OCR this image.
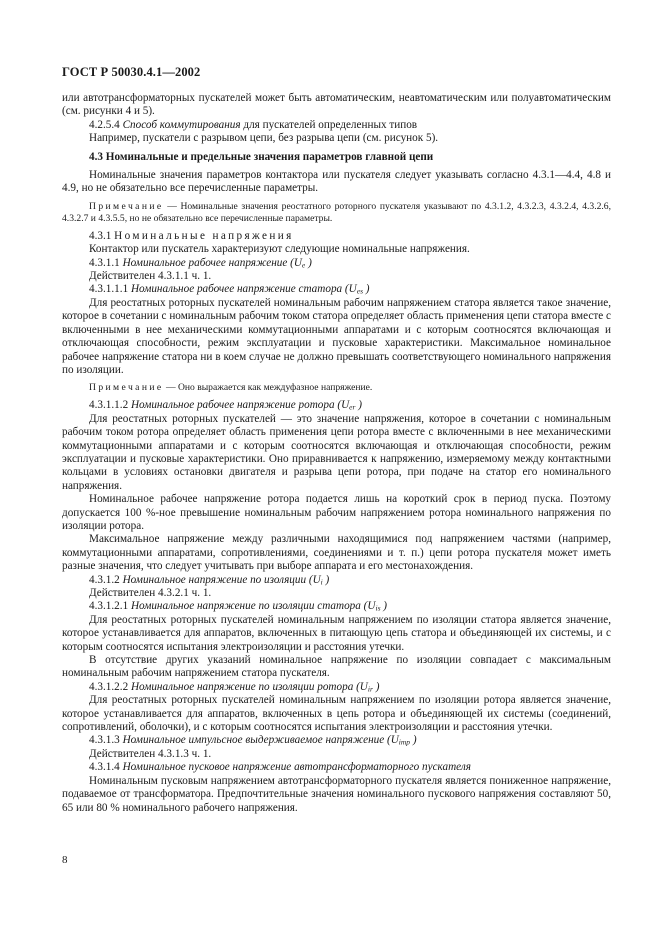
ГОСТ Р 50030.4.1—2002

или автотрансформаторных пускателей может быть автоматическим, неавтоматическим или полуавтоматическим (см. рисунки 4 и 5).

4.2.5.4 Способ коммутирования для пускателей определенных типов

Например, пускатели с разрывом цепи, без разрыва цепи (см. рисунок 5).

4.3 Номинальные и предельные значения параметров главной цепи

Номинальные значения параметров контактора или пускателя следует указывать согласно 4.3.1—4.4, 4.8 и 4.9, но не обязательно все перечисленные параметры.

Примечание — Номинальные значения реостатного роторного пускателя указывают по 4.3.1.2, 4.3.2.3, 4.3.2.4, 4.3.2.6, 4.3.2.7 и 4.3.5.5, но не обязательно все перечисленные параметры.

4.3.1 Номинальные напряжения

Контактор или пускатель характеризуют следующие номинальные напряжения.

4.3.1.1 Номинальное рабочее напряжение ($U_e$ )

Действителен 4.3.1.1 ч. 1.

4.3.1.1.1 Номинальное рабочее напряжение статора ($U_{es}$ )

Для реостатных роторных пускателей номинальным рабочим напряжением статора является такое значение, которое в сочетании с номинальным рабочим током статора определяет область применения цепи статора вместе с включенными в нее механическими коммутационными аппаратами и с которым соотносятся включающая и отключающая способности, режим эксплуатации и пусковые характеристики. Максимальное номинальное рабочее напряжение статора ни в коем случае не должно превышать соответствующего номинального напряжения по изоляции.

Примечание — Оно выражается как междуфазное напряжение.

4.3.1.1.2 Номинальное рабочее напряжение ротора ($U_{er}$ )

Для реостатных роторных пускателей — это значение напряжения, которое в сочетании с номинальным рабочим током ротора определяет область применения цепи ротора вместе с включенными в нее механическими коммутационными аппаратами и с которым соотносятся включающая и отключающая способности, режим эксплуатации и пусковые характеристики. Оно приравнивается к напряжению, измеряемому между контактными кольцами в условиях остановки двигателя и разрыва цепи ротора, при подаче на статор его номинального напряжения.

Номинальное рабочее напряжение ротора подается лишь на короткий срок в период пуска. Поэтому допускается 100 %-ное превышение номинальным рабочим напряжением ротора номинального напряжения по изоляции ротора.

Максимальное напряжение между различными находящимися под напряжением частями (например, коммутационными аппаратами, сопротивлениями, соединениями и т. п.) цепи ротора пускателя может иметь разные значения, что следует учитывать при выборе аппарата и его местонахождения.

4.3.1.2 Номинальное напряжение по изоляции ($U_i$ )

Действителен 4.3.2.1 ч. 1.

4.3.1.2.1 Номинальное напряжение по изоляции статора ($U_{is}$ )

Для реостатных роторных пускателей номинальным напряжением по изоляции статора является значение, которое устанавливается для аппаратов, включенных в питающую цепь статора и объединяющей их системы, и с которым соотносятся испытания электроизоляции и расстояния утечки.

В отсутствие других указаний номинальное напряжение по изоляции совпадает с максимальным номинальным рабочим напряжением статора пускателя.

4.3.1.2.2 Номинальное напряжение по изоляции ротора ($U_{ir}$ )

Для реостатных роторных пускателей номинальным напряжением по изоляции ротора является значение, которое устанавливается для аппаратов, включенных в цепь ротора и объединяющей их системы (соединений, сопротивлений, оболочки), и с которым соотносятся испытания электроизоляции и расстояния утечки.

4.3.1.3 Номинальное импульсное выдерживаемое напряжение ($U_{imp}$ )

Действителен 4.3.1.3 ч. 1.

4.3.1.4 Номинальное пусковое напряжение автотрансформаторного пускателя

Номинальным пусковым напряжением автотрансформаторного пускателя является пониженное напряжение, подаваемое от трансформатора. Предпочтительные значения номинального пускового напряжения составляют 50, 65 или 80 % номинального рабочего напряжения.

8
